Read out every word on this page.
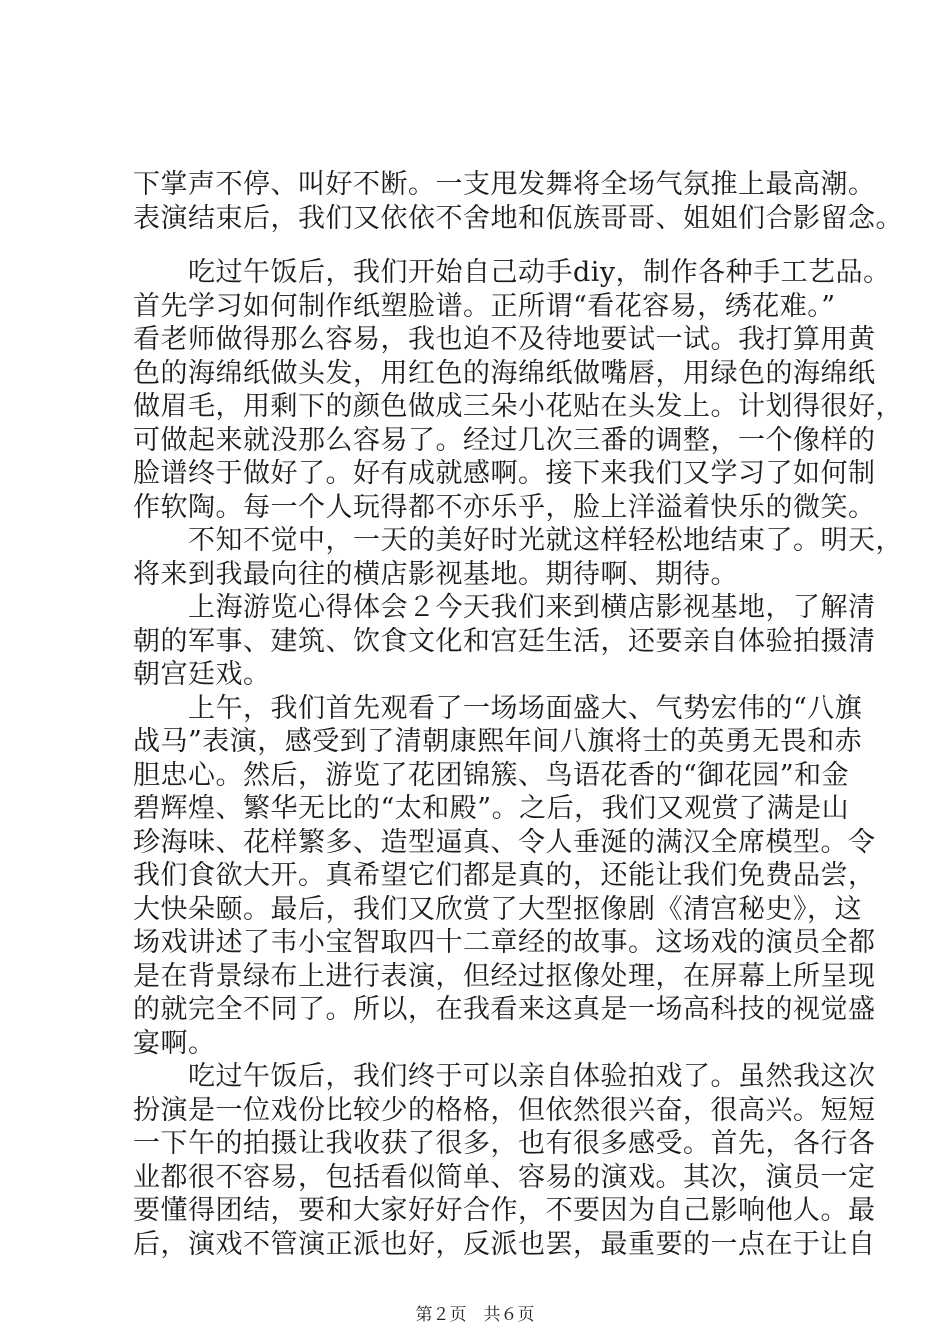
下掌声不停、叫好不断。一支甩发舞将全场气氛推上最高潮。
表演结束后，我们又依依不舍地和佤族哥哥、姐姐们合影留念。
　　吃过午饭后，我们开始自己动手diy，制作各种手工艺品。
首先学习如何制作纸塑脸谱。正所谓“看花容易，绣花难。”
看老师做得那么容易，我也迫不及待地要试一试。我打算用黄
色的海绵纸做头发，用红色的海绵纸做嘴唇，用绿色的海绵纸
做眉毛，用剩下的颜色做成三朵小花贴在头发上。计划得很好，
可做起来就没那么容易了。经过几次三番的调整，一个像样的
脸谱终于做好了。好有成就感啊。接下来我们又学习了如何制
作软陶。每一个人玩得都不亦乐乎，脸上洋溢着快乐的微笑。
　　不知不觉中，一天的美好时光就这样轻松地结束了。明天，
将来到我最向往的横店影视基地。期待啊、期待。
　　上海游览心得体会２今天我们来到横店影视基地，了解清
朝的军事、建筑、饮食文化和宫廷生活，还要亲自体验拍摄清
朝宫廷戏。
　　上午，我们首先观看了一场场面盛大、气势宏伟的“八旗
战马”表演，感受到了清朝康熙年间八旗将士的英勇无畏和赤
胆忠心。然后，游览了花团锦簇、鸟语花香的“御花园”和金
碧辉煌、繁华无比的“太和殿”。之后，我们又观赏了满是山
珍海味、花样繁多、造型逼真、令人垂涎的满汉全席模型。令
我们食欲大开。真希望它们都是真的，还能让我们免费品尝，
大快朵颐。最后，我们又欣赏了大型抠像剧《清宫秘史》，这
场戏讲述了韦小宝智取四十二章经的故事。这场戏的演员全都
是在背景绿布上进行表演，但经过抠像处理，在屏幕上所呈现
的就完全不同了。所以，在我看来这真是一场高科技的视觉盛
宴啊。
　　吃过午饭后，我们终于可以亲自体验拍戏了。虽然我这次
扮演是一位戏份比较少的格格，但依然很兴奋，很高兴。短短
一下午的拍摄让我收获了很多，也有很多感受。首先，各行各
业都很不容易，包括看似简单、容易的演戏。其次，演员一定
要懂得团结，要和大家好好合作，不要因为自己影响他人。最
后，演戏不管演正派也好，反派也罢，最重要的一点在于让自
第２页　共６页
